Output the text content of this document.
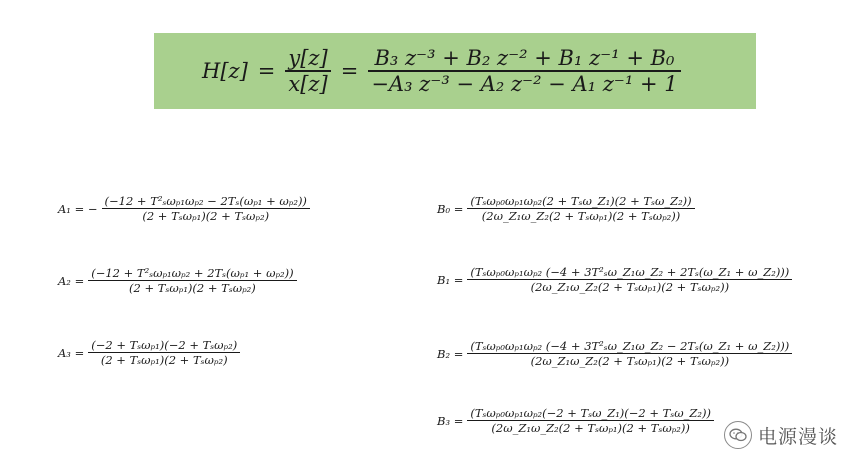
$H[z] = \frac{y[z]}{x[z]} = \frac{\text{B₃ z⁻³ + B₂ z⁻² + B₁ z⁻¹ + B₀}}{\text{−A₃ z⁻³ − A₂ z⁻² − A₁ z⁻¹ + 1}}$
A₁ = − $\frac{\text{(−12 + T²ₛωₚ₁ωₚ₂ − 2Tₛ(ωₚ₁ + ωₚ₂))}}{\text{(2 + Tₛωₚ₁)(2 + Tₛωₚ₂)}}$
$A_2 = \frac{\text{(−12 + T²ₛωₚ₁ωₚ₂ + 2Tₛ(ωₚ₁ + ωₚ₂))}}{\text{(2 + Tₛωₚ₁)(2 + Tₛωₚ₂)}}$
$A_3 = \frac{\text{(−2 + Tₛωₚ₁)(−2 + Tₛωₚ₂)}}{\text{(2 + Tₛωₚ₁)(2 + Tₛωₚ₂)}}$
$B_0 = \frac{\text{(Tₛωₚ₀ωₚ₁ωₚ₂(2 + Tₛω\_Z₁)(2 + Tₛω\_Z₂))}}{\text{(2ω\_Z₁ω\_Z₂(2 + Tₛωₚ₁)(2 + Tₛωₚ₂))}}$
$B_1 = \frac{\text{(Tₛωₚ₀ωₚ₁ωₚ₂ (−4 + 3T²ₛω\_Z₁ω\_Z₂ + 2Tₛ(ω\_Z₁ + ω\_Z₂)))}}{\text{(2ω\_Z₁ω\_Z₂(2 + Tₛωₚ₁)(2 + Tₛωₚ₂))}}$
$B_2 = \frac{\text{(Tₛωₚ₀ωₚ₁ωₚ₂ (−4 + 3T²ₛω\_Z₁ω\_Z₂ − 2Tₛ(ω\_Z₁ + ω\_Z₂)))}}{\text{(2ω\_Z₁ω\_Z₂(2 + Tₛωₚ₁)(2 + Tₛωₚ₂))}}$
$B_3 = \frac{\text{(Tₛωₚ₀ωₚ₁ωₚ₂(−2 + Tₛω\_Z₁)(−2 + Tₛω\_Z₂))}}{\text{(2ω\_Z₁ω\_Z₂(2 + Tₛωₚ₁)(2 + Tₛωₚ₂))}}$
电源漫谈
